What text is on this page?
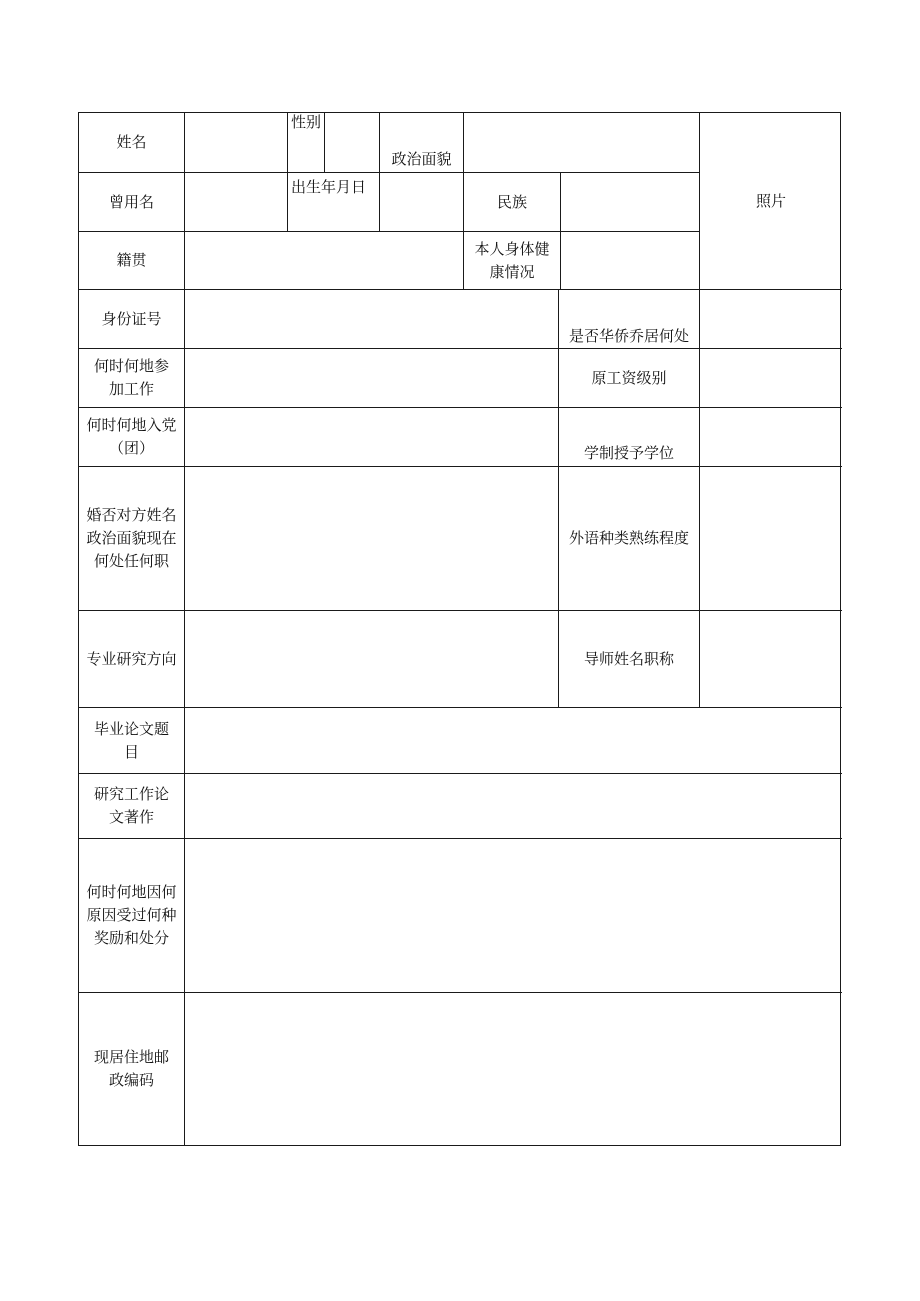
姓名
性别
政治面貌
照片
曾用名
出生年月日
民族
籍贯
本人身体健康情况
身份证号
是否华侨乔居何处
何时何地参加工作
原工资级别
何时何地入党（团）	学制授予学位
婚否对方姓名政治面貌现在何处任何职
外语种类熟练程度
专业研究方向	导师姓名职称
毕业论文题目
研究工作论文著作
何时何地因何原因受过何种奖励和处分
现居住地邮政编码
